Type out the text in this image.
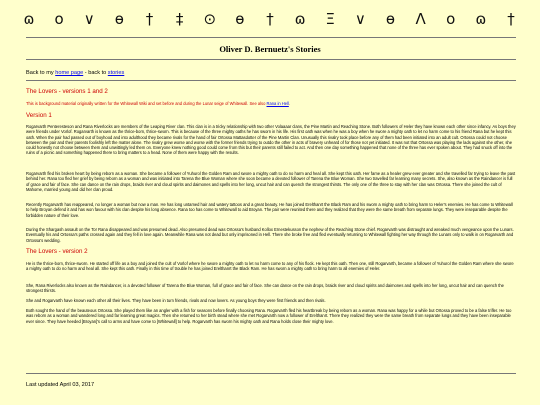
ɷ	ο	∨	ɵ	†	‡	⊙	ɵ	†	ɷ	Ξ	∨	ɵ	Λ	ο	ɷ	†
Oliver D. Bernuetz's Stories
Back to my home page - back to stories
The Lovers - versions 1 and 2
This is background material originally written for the Whitewall Wiki and set before and during the Lunar seige of Whitewall. See also Rana in Hell.
Version 1
Rogarvarth Penteresteson and Rana Riverlocks are members of the Leaping River clan. This clan is in a tricky relationship with two other Volaaaar clans, the Pine Martin and Reaching Stone. Both followers of Heler they have known each other since infancy. As boys they were friends under Vorlof. Rogarvarth is known as the thrice-born, thrice-sworn. This is because of the three mighty oaths he has sworn in his life. His first oath was when he was a boy when he swore a mighty oath to let no harm come to his friend Rana but he kept this oath. When the pair had passed out of boyhood and into adulthood they became rivals for the hand of fair Ortossa Mattasdotter of the Pine Martin Clan. Unusually this rivalry took place before any of them had been initiated into an adult cult. Ortossa could not choose between the pair and their parents foolishly left the matter alone. The rivalry grew worse and worse with the former friends trying to outdo the other in acts of bravery unheard of for those not yet initiated. It was not that Ortossa was playing the lads against she other, she could honestly not choose between them and unwittingly led them on. Everyone knew nothing good could come from this but their parents still failed to act. And then one day something happened that none of the three has ever spoken about. They had snuck off into the ruins of a picnic and something happened there to bring matters to a head. None of them were happy with the results.
Rogarvarth fled his broken heart by being reborn as a woman. She became a follower of Yuhurol the Golden Ram and swore a mighty oath to do no harm and heal all. She kept this oath. Her fame as a healer grew ever greater and she travelled far trying to leave the past behind her. Rana too fled her grief by being reborn as a woman and was initiated into Tarena the Blue Woman where she soon became a devoted follower of Tarena the Blue Woman. She two travelled far learning many secrets. She, also known as the Raindancer is full of grace and fair of face. She can dance on the rain drops, braids river and cloud spirits and daimones and spells into her long, uncut hair and can quench the strongest thirsts. The only one of the three to stay with her clan was Ortossa. There she joined the cult of Mahome, married young and did her clan proud.
Recently Rogarvarth has reappeared, no longer a woman but now a man. He has long untamed hair and watery tattoos and a great beauty. He has joined Erelthanrt the Black Ram and his sworn a mighty oath to bring harm to Heler's enemies. He has come to Whitewall to help Broyan defend it and has won favour with his clan despite his long absence. Rana too has come to Whitewall to aid Broyan. The pair were reunited there and they realized that they were the same breath from separate lungs. They were inseparable despite the forbidden nature of their love.
During the Shargash assault on the Tor Rana disappeared and was presumed dead. Also presumed dead was Ortossa's husband Kollox Ernestekusson the nephew of the Reaching Stone chief. Rogarvarth was distraught and wreaked much vengeance upon the Lunars. Eventually his and Ortossa's paths crossed again and they fell in love again. Meanwhile Rana was not dead but only imprisoned in Hell. There she broke free and fled eventually returning to Whitewall fighting her way through the Lunars only to walk in on Rogarvarth and Ortossa's wedding.
The Lovers - version 2
He is the thrice-born, thrice-sworn. He started off life as a boy and joined the cult of Vorlof where he swore a mighty oath to let no harm come to any of his flock. He kept this oath. Then one, still Rogarvarth, became a follower of Yuhurol the Golden Ram where she swore a mighty oath to do no harm and heal all. She kept this oath. Finally in this time of trouble he has joined Erelthanrt the Black Ram. He has sworn a mighty oath to bring harm to all enemies of Heler.
She, Rana Riverlocks also known as the Raindancer, is a devoted follower of Tarena the Blue Woman, full of grace and fair of face. She can dance on the rain drops, braids river and cloud spirits and daimones and spells into her long, uncut hair and can quench the strongest thirsts.
She and Rogarvarth have known each other all their lives. They have been in turn friends, rivals and now lovers. As young boys they were first friends and then rivals.
Both sought the hand of the beauteous Ortossa. She played them like an angler with a fish for seasons before finally choosing Rana. Rogarvarth fled his heartbreak by being reborn as a woman. Rana was happy for a while but Ortossa proved to be a false trifler. He too was reborn as a woman and wandered long and far learning great magics. Then she returned to her birth stead where she met Rogarvarth now a follower of Erelthanrt. There they realized they were the same breath from separate lungs and they have been inseparable ever since. They have heeded [Broyan]'s call to arms and have come to [Whitewall] to help. Rogarvarth has sworn his mighty oath and Rana holds close their mighty love.
Last updated April 03, 2017
